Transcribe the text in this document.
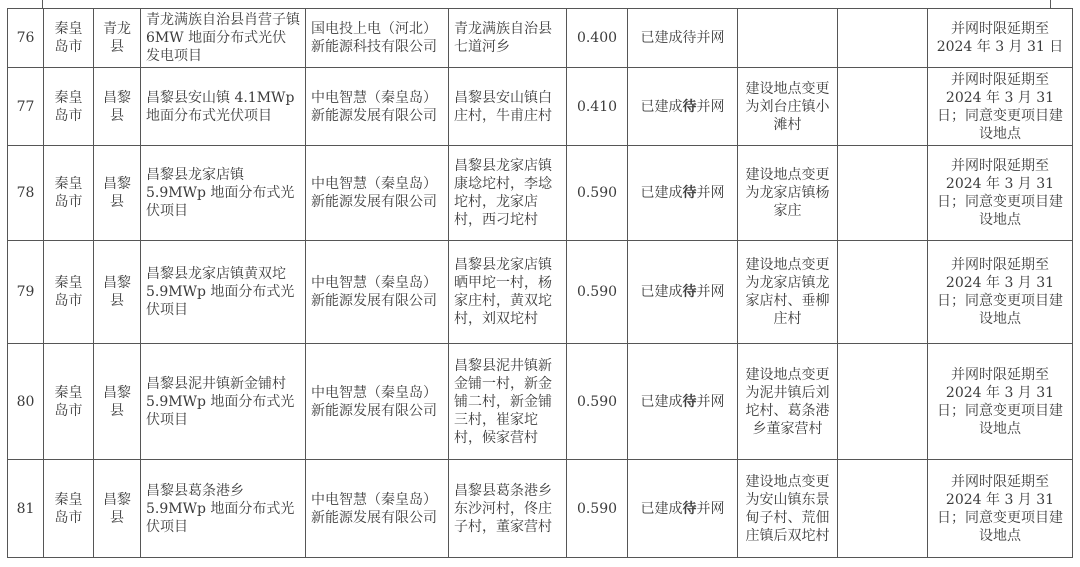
76	秦皇岛市	青龙县	青龙满族自治县肖营子镇 6MW 地面分布式光伏发电项目	国电投上电（河北）新能源科技有限公司	青龙满族自治县七道河乡	0.400	已建成待并网			并网时限延期至 2024 年 3 月 31 日
77	秦皇岛市	昌黎县	昌黎县安山镇 4.1MWp 地面分布式光伏项目	中电智慧（秦皇岛）新能源发展有限公司	昌黎县安山镇白庄村，牛甫庄村	0.410	已建成待并网	建设地点变更为刘台庄镇小滩村		并网时限延期至 2024 年 3 月 31 日；同意变更项目建设地点
78	秦皇岛市	昌黎县	昌黎县龙家店镇 5.9MWp 地面分布式光伏项目	中电智慧（秦皇岛）新能源发展有限公司	昌黎县龙家店镇康埝坨村，李埝坨村，龙家店村，西刁坨村	0.590	已建成待并网	建设地点变更为龙家店镇杨家庄		并网时限延期至 2024 年 3 月 31 日；同意变更项目建设地点
79	秦皇岛市	昌黎县	昌黎县龙家店镇黄双坨 5.9MWp 地面分布式光伏项目	中电智慧（秦皇岛）新能源发展有限公司	昌黎县龙家店镇晒甲坨一村，杨家庄村，黄双坨村，刘双坨村	0.590	已建成待并网	建设地点变更为龙家店镇龙家店村、垂柳庄村		并网时限延期至 2024 年 3 月 31 日；同意变更项目建设地点
80	秦皇岛市	昌黎县	昌黎县泥井镇新金铺村 5.9MWp 地面分布式光伏项目	中电智慧（秦皇岛）新能源发展有限公司	昌黎县泥井镇新金铺一村，新金铺二村，新金铺三村，崔家坨村，候家营村	0.590	已建成待并网	建设地点变更为泥井镇后刘坨村、葛条港乡董家营村		并网时限延期至 2024 年 3 月 31 日；同意变更项目建设地点
81	秦皇岛市	昌黎县	昌黎县葛条港乡 5.9MWp 地面分布式光伏项目	中电智慧（秦皇岛）新能源发展有限公司	昌黎县葛条港乡东沙河村，佟庄子村，董家营村	0.590	已建成待并网	建设地点变更为安山镇东景甸子村、荒佃庄镇后双坨村		并网时限延期至 2024 年 3 月 31 日；同意变更项目建设地点
